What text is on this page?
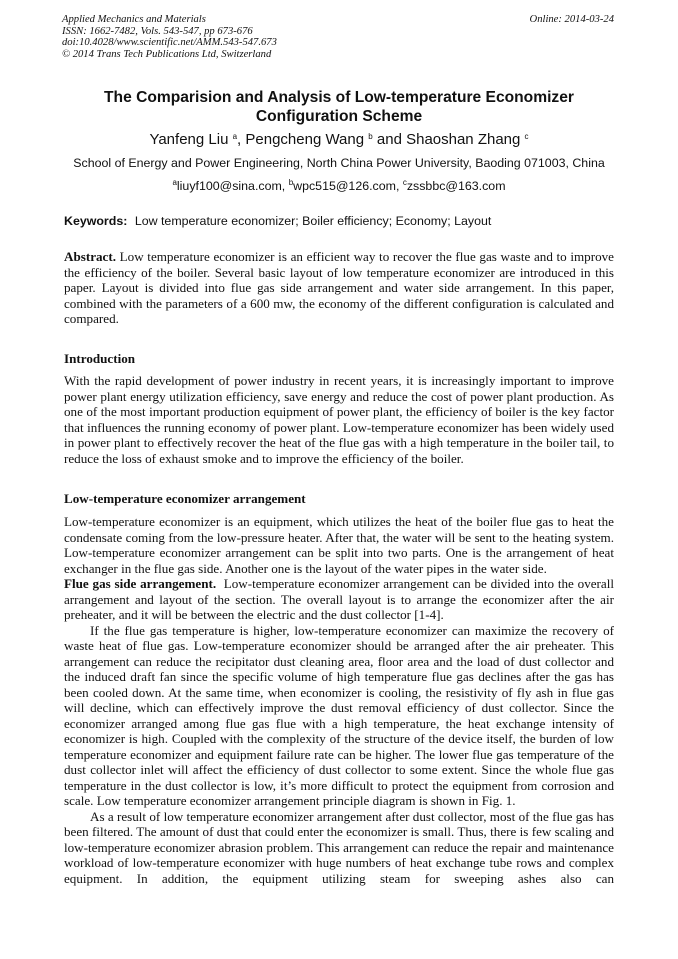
Applied Mechanics and Materials
ISSN: 1662-7482, Vols. 543-547, pp 673-676
doi:10.4028/www.scientific.net/AMM.543-547.673
© 2014 Trans Tech Publications Ltd, Switzerland
Online: 2014-03-24
The Comparision and Analysis of Low-temperature Economizer Configuration Scheme
Yanfeng Liu $^a$, Pengcheng Wang $^b$ and Shaoshan Zhang $^c$
School of Energy and Power Engineering, North China Power University, Baoding 071003, China
$^a$liuyf100@sina.com, $^b$wpc515@126.com, $^c$zssbbc@163.com
Keywords: Low temperature economizer; Boiler efficiency; Economy; Layout

Abstract. Low temperature economizer is an efficient way to recover the flue gas waste and to improve the efficiency of the boiler. Several basic layout of low temperature economizer are introduced in this paper. Layout is divided into flue gas side arrangement and water side arrangement. In this paper, combined with the parameters of a 600 mw, the economy of the different configuration is calculated and compared.

Introduction

With the rapid development of power industry in recent years, it is increasingly important to improve power plant energy utilization efficiency, save energy and reduce the cost of power plant production. As one of the most important production equipment of power plant, the efficiency of boiler is the key factor that influences the running economy of power plant. Low-temperature economizer has been widely used in power plant to effectively recover the heat of the flue gas with a high temperature in the boiler tail, to reduce the loss of exhaust smoke and to improve the efficiency of the boiler.

Low-temperature economizer arrangement

Low-temperature economizer is an equipment, which utilizes the heat of the boiler flue gas to heat the condensate coming from the low-pressure heater. After that, the water will be sent to the heating system. Low-temperature economizer arrangement can be split into two parts. One is the arrangement of heat exchanger in the flue gas side. Another one is the layout of the water pipes in the water side.

Flue gas side arrangement. Low-temperature economizer arrangement can be divided into the overall arrangement and layout of the section. The overall layout is to arrange the economizer after the air preheater, and it will be between the electric and the dust collector [1-4].

If the flue gas temperature is higher, low-temperature economizer can maximize the recovery of waste heat of flue gas. Low-temperature economizer should be arranged after the air preheater. This arrangement can reduce the recipitator dust cleaning area, floor area and the load of dust collector and the induced draft fan since the specific volume of high temperature flue gas declines after the gas has been cooled down. At the same time, when economizer is cooling, the resistivity of fly ash in flue gas will decline, which can effectively improve the dust removal efficiency of dust collector. Since the economizer arranged among flue gas flue with a high temperature, the heat exchange intensity of economizer is high. Coupled with the complexity of the structure of the device itself, the burden of low temperature economizer and equipment failure rate can be higher. The lower flue gas temperature of the dust collector inlet will affect the efficiency of dust collector to some extent. Since the whole flue gas temperature in the dust collector is low, it’s more difficult to protect the equipment from corrosion and scale. Low temperature economizer arrangement principle diagram is shown in Fig. 1.

As a result of low temperature economizer arrangement after dust collector, most of the flue gas has been filtered. The amount of dust that could enter the economizer is small. Thus, there is few scaling and low-temperature economizer abrasion problem. This arrangement can reduce the repair and maintenance workload of low-temperature economizer with huge numbers of heat exchange tube rows and complex equipment. In addition, the equipment utilizing steam for sweeping ashes also can
